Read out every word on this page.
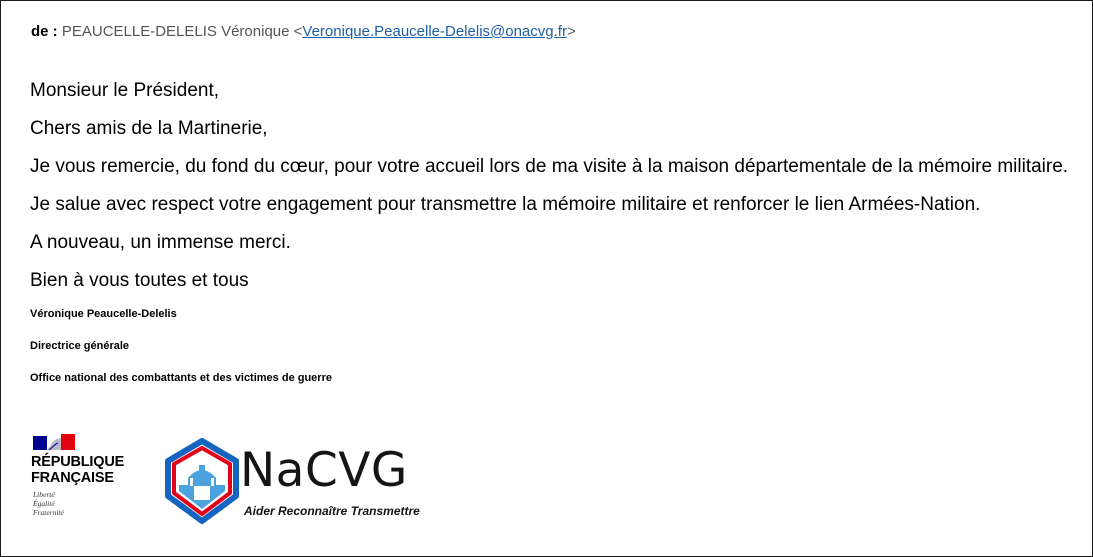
de : PEAUCELLE-DELELIS Véronique <Veronique.Peaucelle-Delelis@onacvg.fr>
Monsieur le Président,
Chers amis de la Martinerie,
Je vous remercie, du fond du cœur, pour votre accueil lors de ma visite à la maison départementale de la mémoire militaire.
Je salue avec respect votre engagement pour transmettre la mémoire militaire et renforcer le lien Armées-Nation.
A nouveau, un immense merci.
Bien à vous toutes et tous
Véronique Peaucelle-Delelis
Directrice générale
Office national des combattants et des victimes de guerre
RÉPUBLIQUE
FRANÇAISE
Liberté
Égalité
Fraternité
NaCVG
Aider Reconnaître Transmettre
